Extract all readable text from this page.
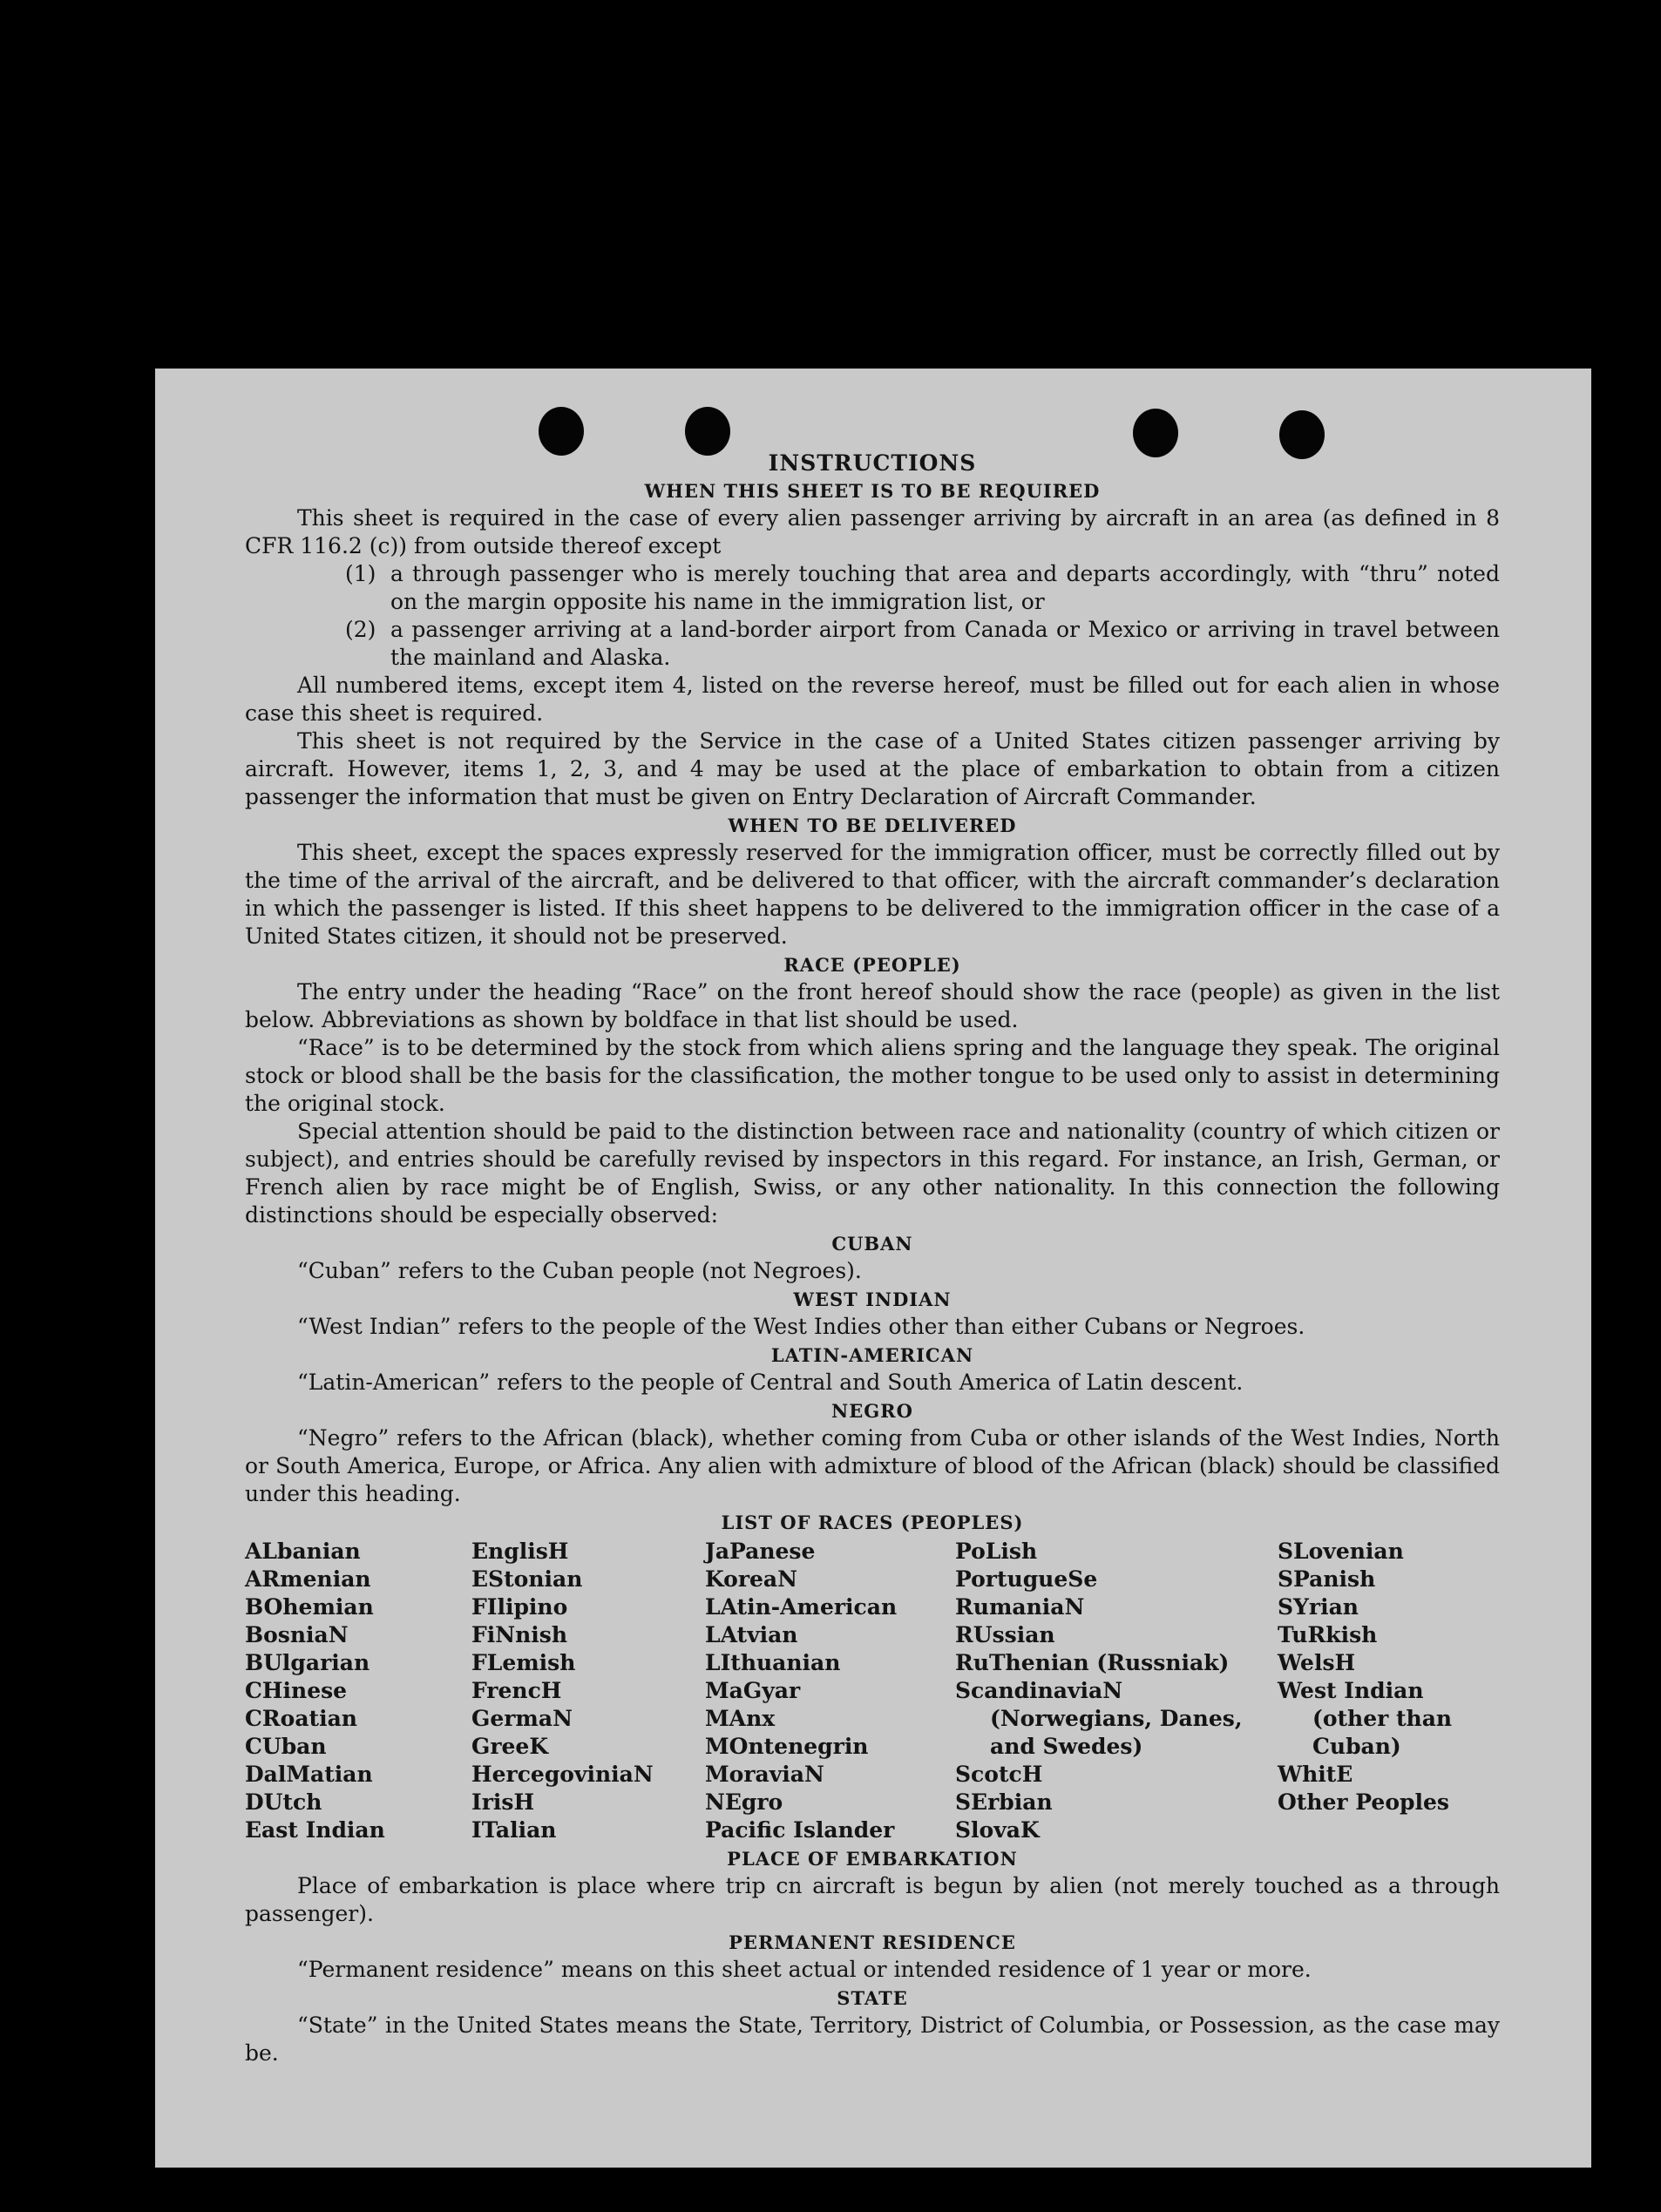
INSTRUCTIONS
WHEN THIS SHEET IS TO BE REQUIRED

This sheet is required in the case of every alien passenger arriving by aircraft in an area (as defined in 8 CFR 116.2 (c)) from outside thereof except

(1) a through passenger who is merely touching that area and departs accordingly, with “thru” noted on the margin opposite his name in the immigration list, or
(2) a passenger arriving at a land-border airport from Canada or Mexico or arriving in travel between the mainland and Alaska.

All numbered items, except item 4, listed on the reverse hereof, must be filled out for each alien in whose case this sheet is required.

This sheet is not required by the Service in the case of a United States citizen passenger arriving by aircraft. However, items 1, 2, 3, and 4 may be used at the place of embarkation to obtain from a citizen passenger the information that must be given on Entry Declaration of Aircraft Commander.

WHEN TO BE DELIVERED

This sheet, except the spaces expressly reserved for the immigration officer, must be correctly filled out by the time of the arrival of the aircraft, and be delivered to that officer, with the aircraft commander’s declaration in which the passenger is listed. If this sheet happens to be delivered to the immigration officer in the case of a United States citizen, it should not be preserved.

RACE (PEOPLE)

The entry under the heading “Race” on the front hereof should show the race (people) as given in the list below. Abbreviations as shown by boldface in that list should be used.

“Race” is to be determined by the stock from which aliens spring and the language they speak. The original stock or blood shall be the basis for the classification, the mother tongue to be used only to assist in determining the original stock.

Special attention should be paid to the distinction between race and nationality (country of which citizen or subject), and entries should be carefully revised by inspectors in this regard. For instance, an Irish, German, or French alien by race might be of English, Swiss, or any other nationality. In this connection the following distinctions should be especially observed:

CUBAN

“Cuban” refers to the Cuban people (not Negroes).

WEST INDIAN

“West Indian” refers to the people of the West Indies other than either Cubans or Negroes.

LATIN-AMERICAN

“Latin-American” refers to the people of Central and South America of Latin descent.

NEGRO

“Negro” refers to the African (black), whether coming from Cuba or other islands of the West Indies, North or South America, Europe, or Africa. Any alien with admixture of blood of the African (black) should be classified under this heading.

LIST OF RACES (PEOPLES)
ALbanian
ARmenian
BOhemian
BosniaN
BUlgarian
CHinese
CRoatian
CUban
DalMatian
DUtch
East Indian
EnglisH
EStonian
FIlipino
FiNnish
FLemish
FrencH
GermaN
GreeK
HercegoviniaN
IrisH
ITalian
JaPanese
KoreaN
LAtin-American
LAtvian
LIthuanian
MaGyar
MAnx
MOntenegrin
MoraviaN
NEgro
Pacific Islander
PoLish
PortugueSe
RumaniaN
RUssian
RuThenian (Russniak)
ScandinaviaN (Norwegians, Danes, and Swedes)
ScotcH
SErbian
SlovaK
SLovenian
SPanish
SYrian
TuRkish
WelsH
West Indian (other than Cuban)
WhitE
Other Peoples
PLACE OF EMBARKATION

Place of embarkation is place where trip cn aircraft is begun by alien (not merely touched as a through passenger).

PERMANENT RESIDENCE

“Permanent residence” means on this sheet actual or intended residence of 1 year or more.

STATE

“State” in the United States means the State, Territory, District of Columbia, or Possession, as the case may be.
